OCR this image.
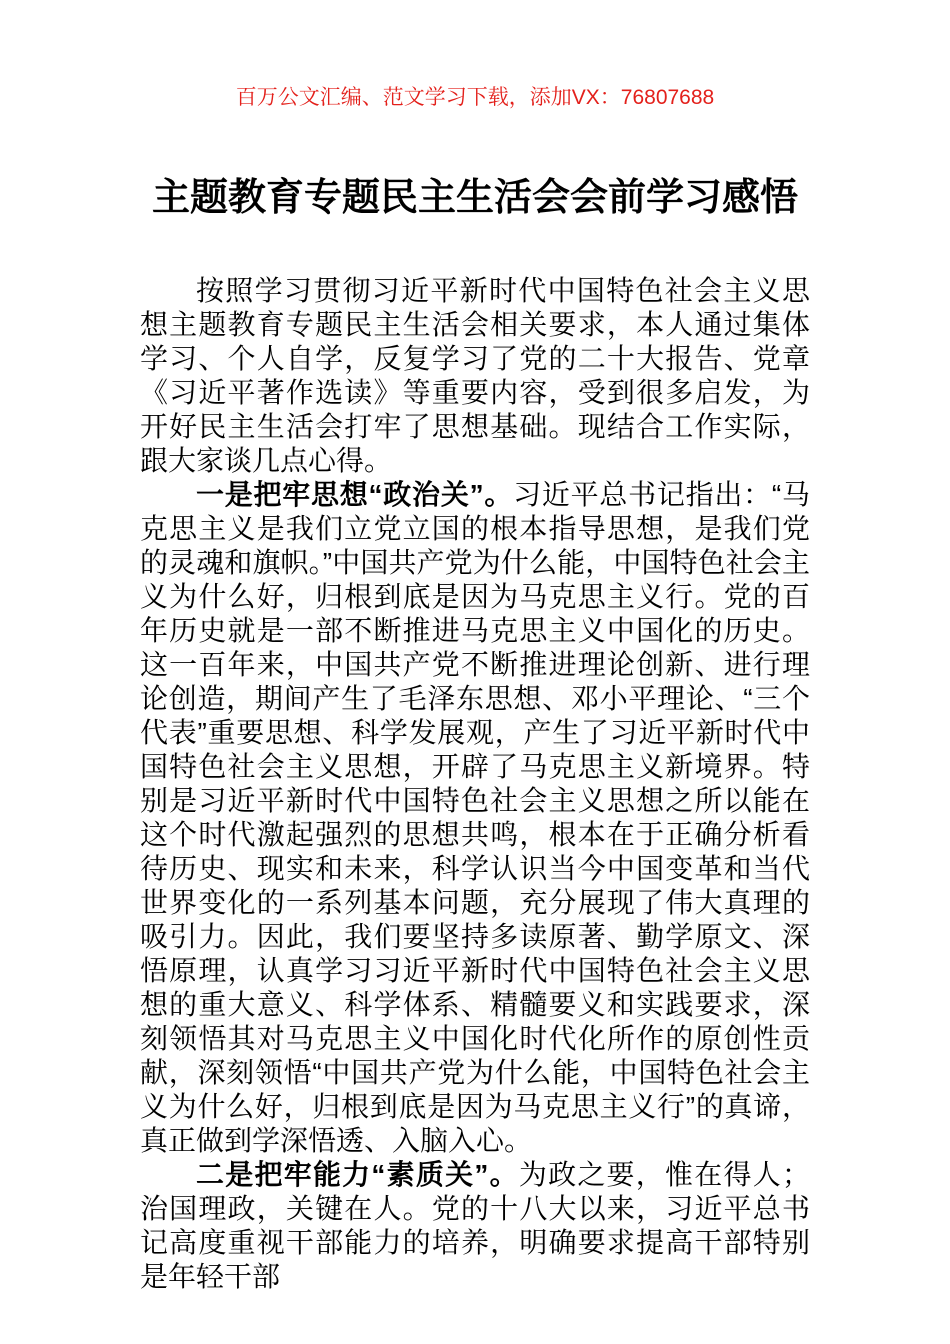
百万公文汇编、范文学习下载，添加VX：76807688

主题教育专题民主生活会会前学习感悟

按照学习贯彻习近平新时代中国特色社会主义思想主题教育专题民主生活会相关要求，本人通过集体学习、个人自学，反复学习了党的二十大报告、党章《习近平著作选读》等重要内容，受到很多启发，为开好民主生活会打牢了思想基础。现结合工作实际，跟大家谈几点心得。

一是把牢思想“政治关”。习近平总书记指出：“马克思主义是我们立党立国的根本指导思想，是我们党的灵魂和旗帜。”中国共产党为什么能，中国特色社会主义为什么好，归根到底是因为马克思主义行。党的百年历史就是一部不断推进马克思主义中国化的历史。这一百年来，中国共产党不断推进理论创新、进行理论创造，期间产生了毛泽东思想、邓小平理论、“三个代表”重要思想、科学发展观，产生了习近平新时代中国特色社会主义思想，开辟了马克思主义新境界。特别是习近平新时代中国特色社会主义思想之所以能在这个时代激起强烈的思想共鸣，根本在于正确分析看待历史、现实和未来，科学认识当今中国变革和当代世界变化的一系列基本问题，充分展现了伟大真理的吸引力。因此，我们要坚持多读原著、勤学原文、深悟原理，认真学习习近平新时代中国特色社会主义思想的重大意义、科学体系、精髓要义和实践要求，深刻领悟其对马克思主义中国化时代化所作的原创性贡献，深刻领悟“中国共产党为什么能，中国特色社会主义为什么好，归根到底是因为马克思主义行”的真谛，真正做到学深悟透、入脑入心。

二是把牢能力“素质关”。为政之要，惟在得人；治国理政，关键在人。党的十八大以来，习近平总书记高度重视干部能力的培养，明确要求提高干部特别是年轻干部
